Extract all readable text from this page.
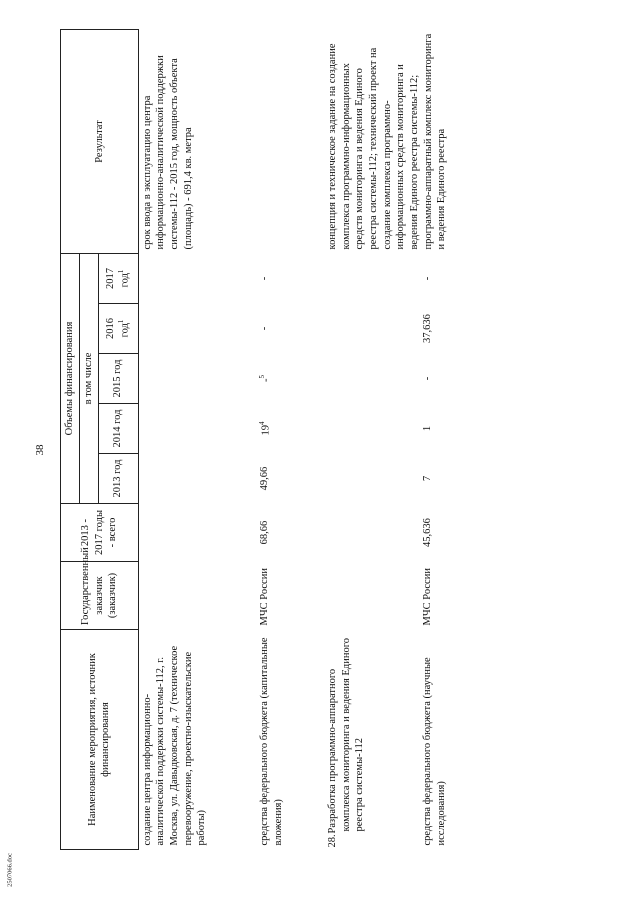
38
Наименование мероприятия, источник финансирования	Государственный заказчик (заказчик)	2013 - 2017 годы - всего	Объемы финансирования					Результат
			в том числе					
			2013 год	2014 год	2015 год	2016 год$^1$	2017 год$^1$
создание центра информационно-аналитической поддержки системы-112, г. Москва, ул. Давыдковская, д. 7 (техническое перевооружение, проектно-изыскательские работы)								срок ввода в эксплуатацию центра информационно-аналитической поддержки системы-112 - 2015 год, мощность объекта (площадь) - 691,4 кв. метра
средства федерального бюджета (капитальные вложения)	МЧС России	68,66	49,66	$19^4$	-$^5$	-	-	
28.Разработка программно-аппаратного комплекса мониторинга и ведения Единого реестра системы-112								концепция и техническое задание на создание комплекса программно-информационных средств мониторинга и ведения Единого реестра системы-112; технический проект на создание комплекса программно-информационных средств мониторинга и ведения Единого реестра системы-112; программно-аппаратный комплекс мониторинга и ведения Единого реестра
средства федерального бюджета (научные исследования)	МЧС России	45,636	7	1	-	37,636	-	
2507066.doc
